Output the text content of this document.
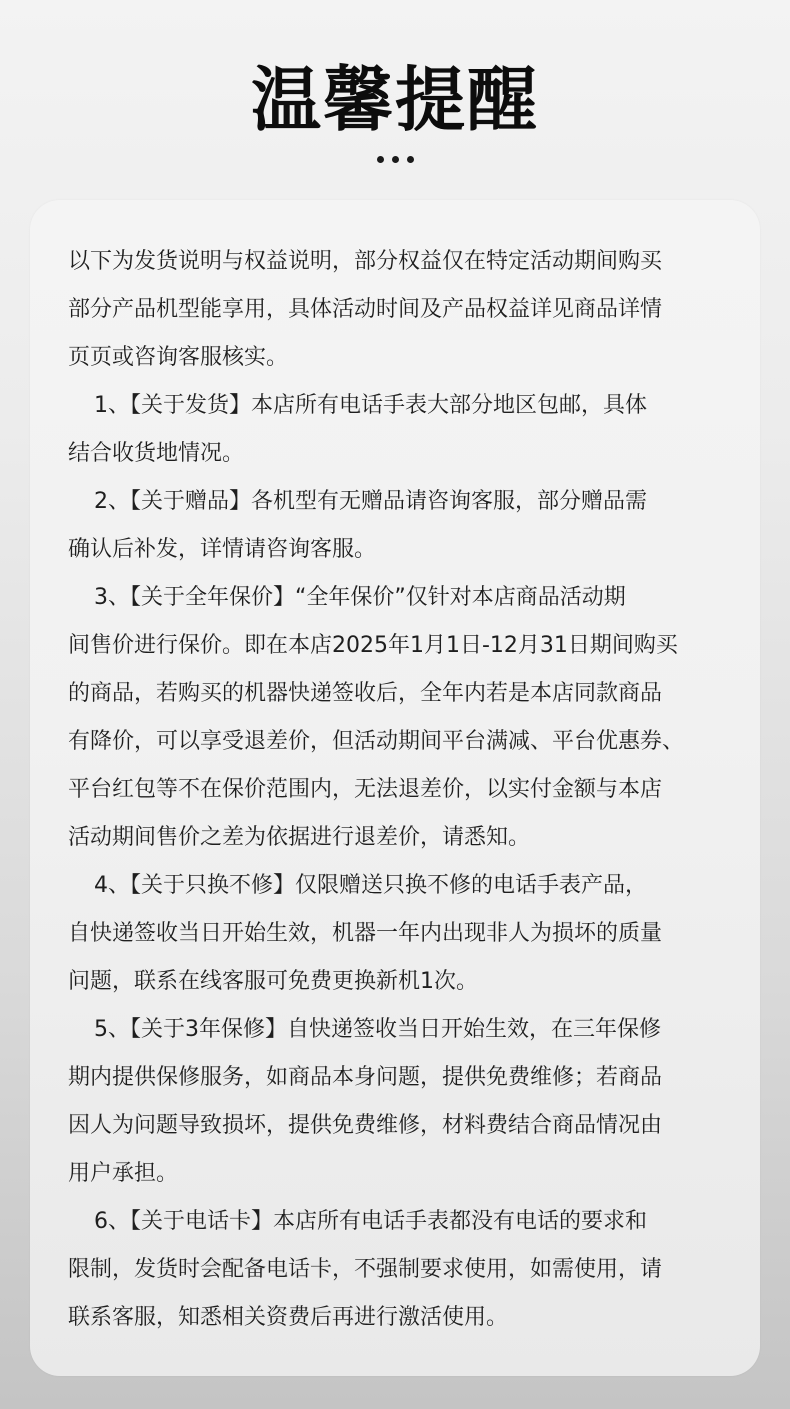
温馨提醒

以下为发货说明与权益说明，部分权益仅在特定活动期间购买
部分产品机型能享用，具体活动时间及产品权益详见商品详情
页页或咨询客服核实。
1、【关于发货】本店所有电话手表大部分地区包邮，具体
结合收货地情况。
2、【关于赠品】各机型有无赠品请咨询客服，部分赠品需
确认后补发，详情请咨询客服。
3、【关于全年保价】“全年保价”仅针对本店商品活动期
间售价进行保价。即在本店2025年1月1日-12月31日期间购买
的商品，若购买的机器快递签收后，全年内若是本店同款商品
有降价，可以享受退差价，但活动期间平台满减、平台优惠券、
平台红包等不在保价范围内，无法退差价，以实付金额与本店
活动期间售价之差为依据进行退差价，请悉知。
4、【关于只换不修】仅限赠送只换不修的电话手表产品，
自快递签收当日开始生效，机器一年内出现非人为损坏的质量
问题，联系在线客服可免费更换新机1次。
5、【关于3年保修】自快递签收当日开始生效，在三年保修
期内提供保修服务，如商品本身问题，提供免费维修；若商品
因人为问题导致损坏，提供免费维修，材料费结合商品情况由
用户承担。
6、【关于电话卡】本店所有电话手表都没有电话的要求和
限制，发货时会配备电话卡，不强制要求使用，如需使用，请
联系客服，知悉相关资费后再进行激活使用。
